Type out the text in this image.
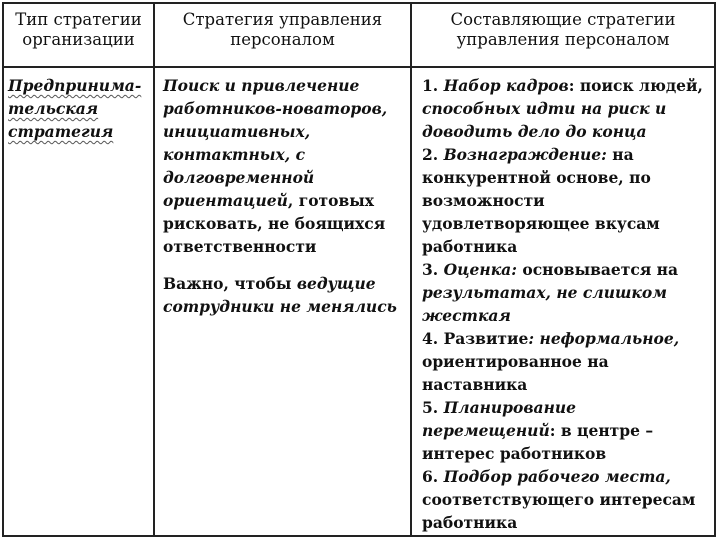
Тип стратегии
организации
Стратегия управления
персоналом
Составляющие стратегии
управления персоналом
Предпринима-
тельская
стратегия
Поиск и привлечение
работников-новаторов,
инициативных,
контактных, с
долговременной
ориентацией, готовых
рисковать, не боящихся
ответственности
Важно, чтобы ведущие
сотрудники не менялись
1. Набор кадров: поиск людей,
способных идти на риск и
доводить дело до конца
2. Вознаграждение: на
конкурентной основе, по
возможности
удовлетворяющее вкусам
работника
3. Оценка: основывается на
результатах, не слишком
жесткая
4. Развитие: неформальное,
ориентированное на
наставника
5. Планирование
перемещений: в центре –
интерес работников
6. Подбор рабочего места,
соответствующего интересам
работника
